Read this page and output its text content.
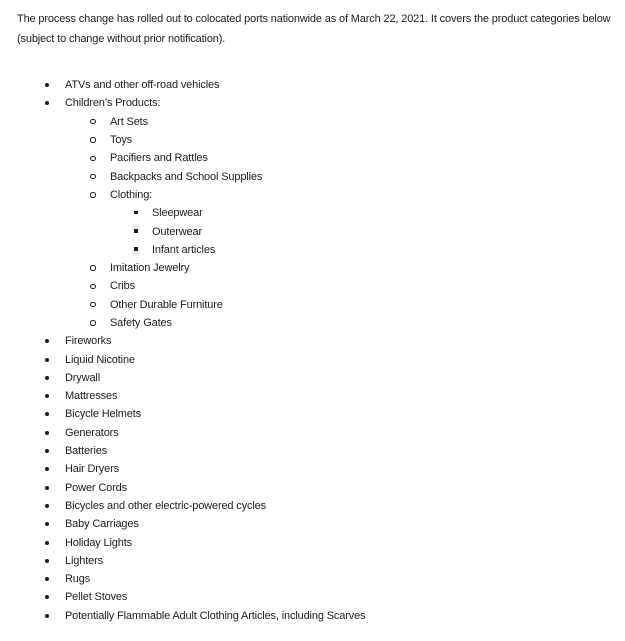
The process change has rolled out to colocated ports nationwide as of March 22, 2021. It covers the product categories below (subject to change without prior notification).

ATVs and other off-road vehicles
Children’s Products:
Art Sets
Toys
Pacifiers and Rattles
Backpacks and School Supplies
Clothing:
Sleepwear
Outerwear
Infant articles
Imitation Jewelry
Cribs
Other Durable Furniture
Safety Gates
Fireworks
Liquid Nicotine
Drywall
Mattresses
Bicycle Helmets
Generators
Batteries
Hair Dryers
Power Cords
Bicycles and other electric-powered cycles
Baby Carriages
Holiday Lights
Lighters
Rugs
Pellet Stoves
Potentially Flammable Adult Clothing Articles, including Scarves
